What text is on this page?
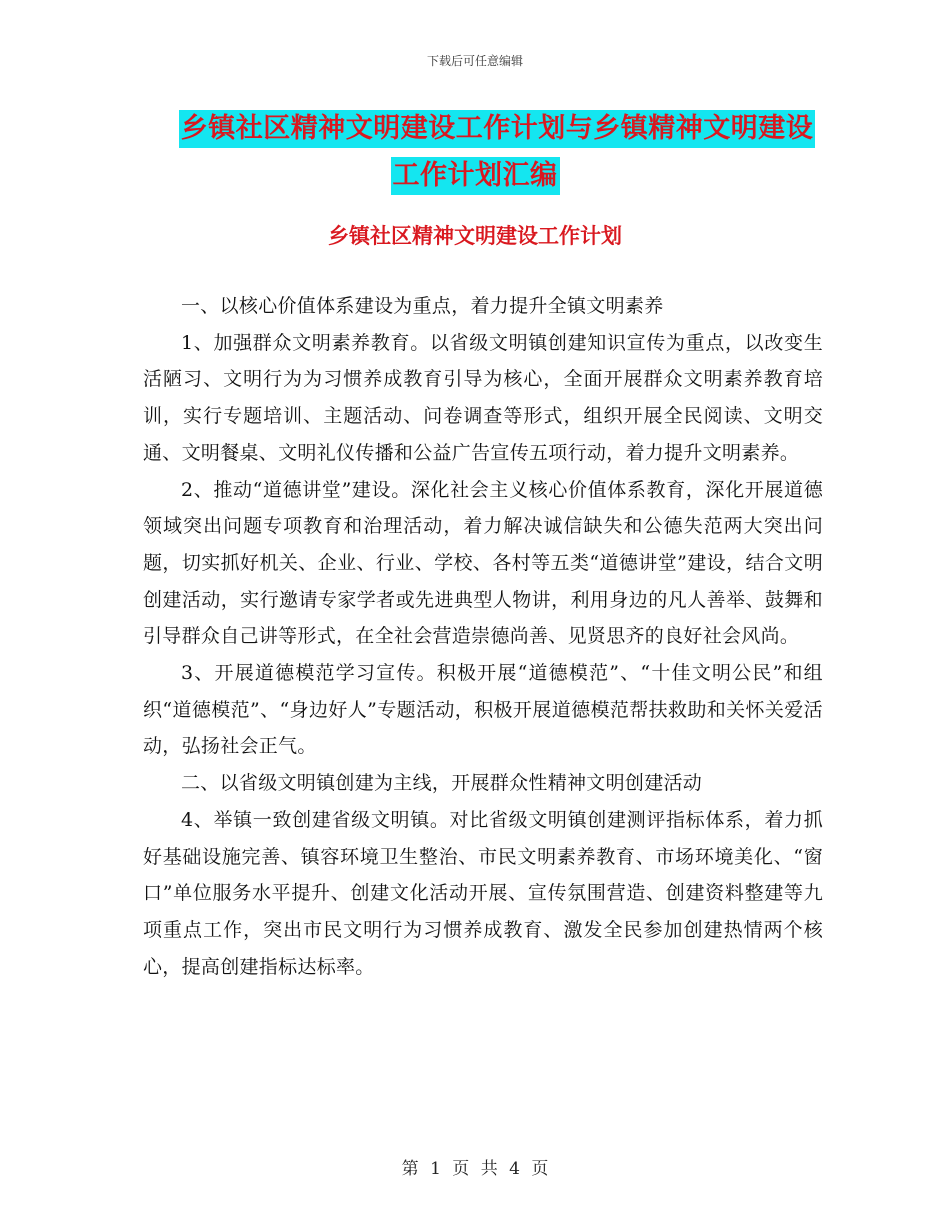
下载后可任意编辑
乡镇社区精神文明建设工作计划与乡镇精神文明建设
工作计划汇编
乡镇社区精神文明建设工作计划

一、以核心价值体系建设为重点，着力提升全镇文明素养

1、加强群众文明素养教育。以省级文明镇创建知识宣传为重点，以改变生活陋习、文明行为为习惯养成教育引导为核心，全面开展群众文明素养教育培训，实行专题培训、主题活动、问卷调查等形式，组织开展全民阅读、文明交通、文明餐桌、文明礼仪传播和公益广告宣传五项行动，着力提升文明素养。

2、推动“道德讲堂”建设。深化社会主义核心价值体系教育，深化开展道德领域突出问题专项教育和治理活动，着力解决诚信缺失和公德失范两大突出问题，切实抓好机关、企业、行业、学校、各村等五类“道德讲堂”建设，结合文明创建活动，实行邀请专家学者或先进典型人物讲，利用身边的凡人善举、鼓舞和引导群众自己讲等形式，在全社会营造崇德尚善、见贤思齐的良好社会风尚。

3、开展道德模范学习宣传。积极开展“道德模范”、“十佳文明公民”和组织“道德模范”、“身边好人”专题活动，积极开展道德模范帮扶救助和关怀关爱活动，弘扬社会正气。

二、以省级文明镇创建为主线，开展群众性精神文明创建活动

4、举镇一致创建省级文明镇。对比省级文明镇创建测评指标体系，着力抓好基础设施完善、镇容环境卫生整治、市民文明素养教育、市场环境美化、“窗口”单位服务水平提升、创建文化活动开展、宣传氛围营造、创建资料整建等九项重点工作，突出市民文明行为习惯养成教育、激发全民参加创建热情两个核心，提高创建指标达标率。

第 1 页 共 4 页
